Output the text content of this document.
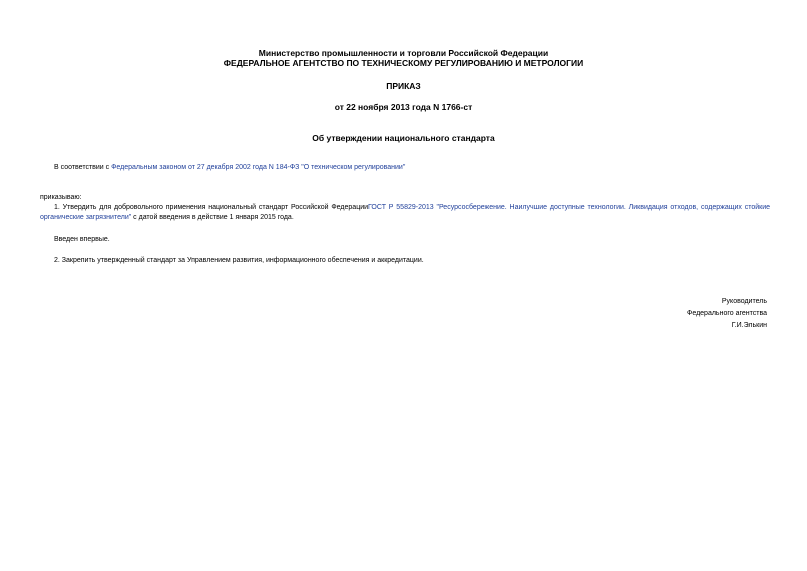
Министерство промышленности и торговли Российской Федерации
ФЕДЕРАЛЬНОЕ АГЕНТСТВО ПО ТЕХНИЧЕСКОМУ РЕГУЛИРОВАНИЮ И МЕТРОЛОГИИ
ПРИКАЗ
от 22 ноября 2013 года N 1766-ст
Об утверждении национального стандарта
В соответствии с Федеральным законом от 27 декабря 2002 года N 184-ФЗ "О техническом регулировании"
приказываю:
1. Утвердить для добровольного применения национальный стандарт Российской ФедерацииГОСТ Р 55829-2013 "Ресурсосбережение. Наилучшие доступные технологии. Ликвидация отходов, содержащих стойкие органические загрязнители" с датой введения в действие 1 января 2015 года.
Введен впервые.
2. Закрепить утвержденный стандарт за Управлением развития, информационного обеспечения и аккредитации.
Руководитель
Федерального агентства
Г.И.Элькин
